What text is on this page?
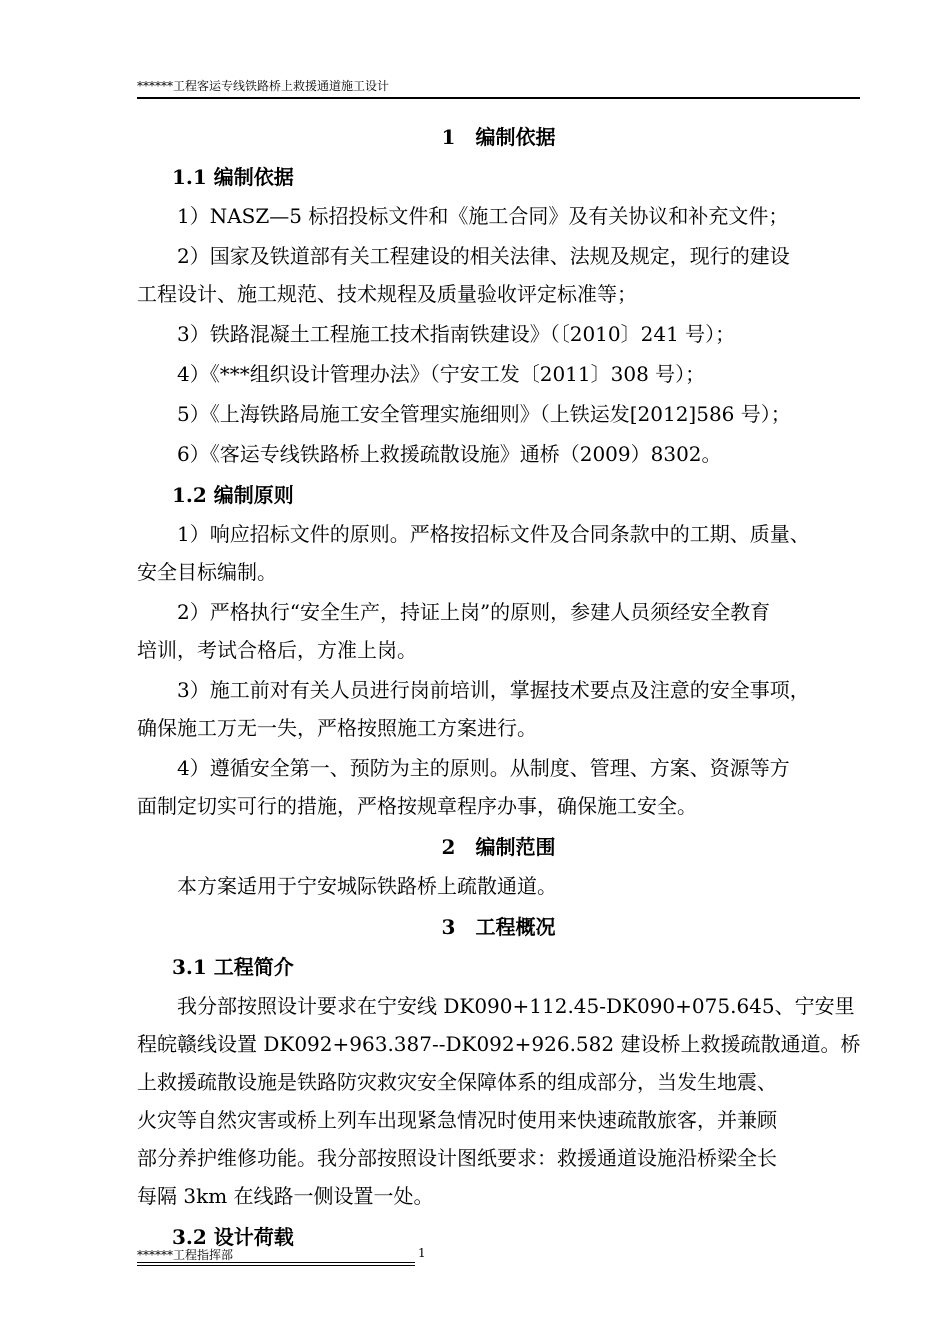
******工程客运专线铁路桥上救援通道施工设计
1　编制依据
1.1 编制依据
1）NASZ—5 标招投标文件和《施工合同》及有关协议和补充文件；
2）国家及铁道部有关工程建设的相关法律、法规及规定，现行的建设
工程设计、施工规范、技术规程及质量验收评定标准等；
3）铁路混凝土工程施工技术指南铁建设》（〔2010〕241 号）；
4）《***组织设计管理办法》（宁安工发〔2011〕308 号）；
5）《上海铁路局施工安全管理实施细则》（上铁运发[2012]586 号）；
6）《客运专线铁路桥上救援疏散设施》通桥（2009）8302。
1.2 编制原则
1）响应招标文件的原则。严格按招标文件及合同条款中的工期、质量、
安全目标编制。
2）严格执行“安全生产，持证上岗”的原则，参建人员须经安全教育
培训，考试合格后，方准上岗。
3）施工前对有关人员进行岗前培训，掌握技术要点及注意的安全事项，
确保施工万无一失，严格按照施工方案进行。
4）遵循安全第一、预防为主的原则。从制度、管理、方案、资源等方
面制定切实可行的措施，严格按规章程序办事，确保施工安全。
2　编制范围
本方案适用于宁安城际铁路桥上疏散通道。
3　工程概况
3.1 工程简介
我分部按照设计要求在宁安线 DK090+112.45-DK090+075.645、宁安里
程皖赣线设置 DK092+963.387--DK092+926.582 建设桥上救援疏散通道。桥
上救援疏散设施是铁路防灾救灾安全保障体系的组成部分，当发生地震、
火灾等自然灾害或桥上列车出现紧急情况时使用来快速疏散旅客，并兼顾
部分养护维修功能。我分部按照设计图纸要求：救援通道设施沿桥梁全长
每隔 3km 在线路一侧设置一处。
3.2 设计荷载
******工程指挥部	1
